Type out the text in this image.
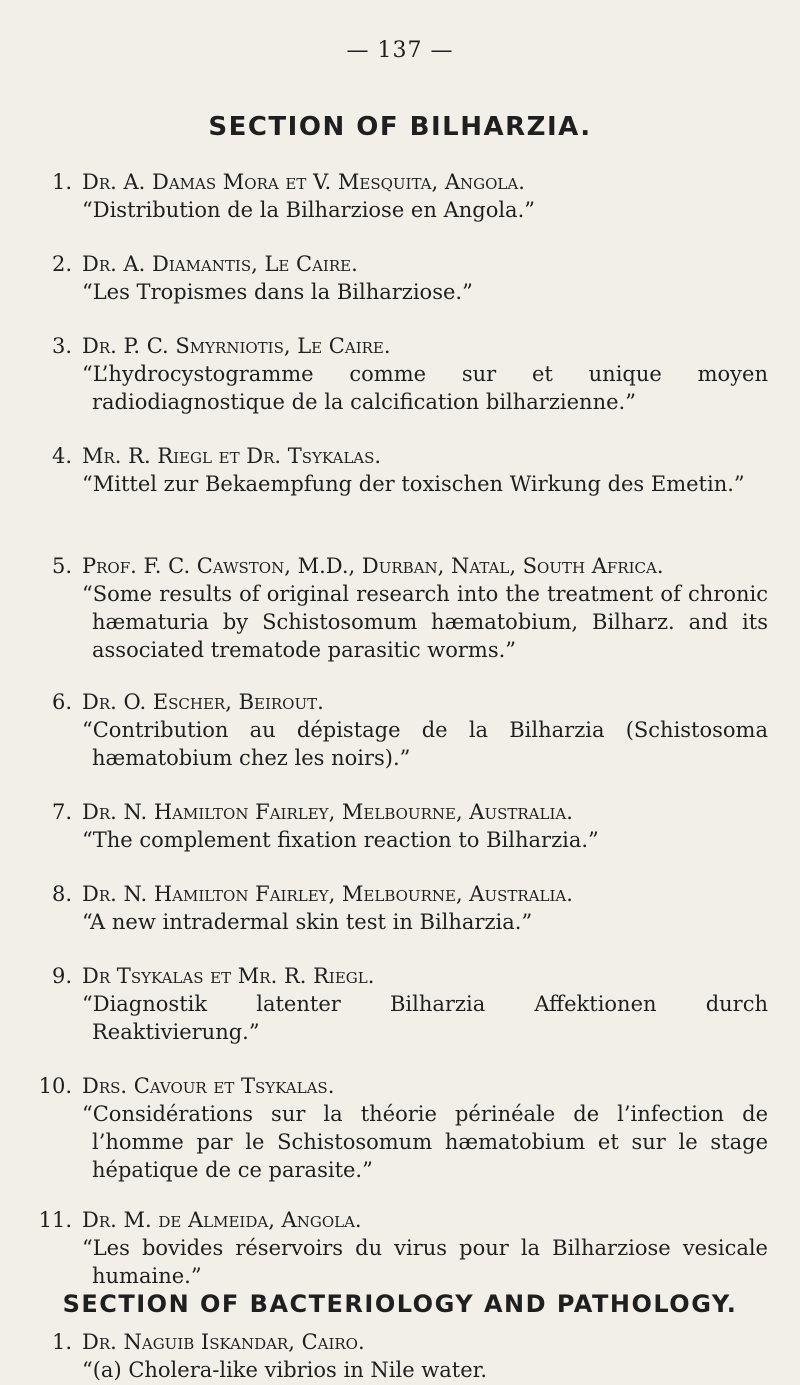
— 137 —
SECTION OF BILHARZIA.
1. Dr. A. Damas Mora et V. Mesquita, Angola.
“Distribution de la Bilharziose en Angola.”
2. Dr. A. Diamantis, Le Caire.
“Les Tropismes dans la Bilharziose.”
3. Dr. P. C. Smyrniotis, Le Caire.
“L’hydrocystogramme comme sur et unique moyen radiodiagnostique de la calcification bilharzienne.”
4. Mr. R. Riegl et Dr. Tsykalas.
“Mittel zur Bekaempfung der toxischen Wirkung des Emetin.”
5. Prof. F. C. Cawston, M.D., Durban, Natal, South Africa.
“Some results of original research into the treatment of chronic hæmaturia by Schistosomum hæmatobium, Bilharz. and its associated trematode parasitic worms.”
6. Dr. O. Escher, Beirout.
“Contribution au dépistage de la Bilharzia (Schistosoma hæmatobium chez les noirs).”
7. Dr. N. Hamilton Fairley, Melbourne, Australia.
“The complement fixation reaction to Bilharzia.”
8. Dr. N. Hamilton Fairley, Melbourne, Australia.
“A new intradermal skin test in Bilharzia.”
9. Dr Tsykalas et Mr. R. Riegl.
“Diagnostik latenter Bilharzia Affektionen durch Reaktivierung.”
10. Drs. Cavour et Tsykalas.
“Considérations sur la théorie périnéale de l’infection de l’homme par le Schistosomum hæmatobium et sur le stage hépatique de ce parasite.”
11. Dr. M. de Almeida, Angola.
“Les bovides réservoirs du virus pour la Bilharziose vesicale humaine.”
SECTION OF BACTERIOLOGY AND PATHOLOGY.
1. Dr. Naguib Iskandar, Cairo.
“(a) Cholera-like vibrios in Nile water.
